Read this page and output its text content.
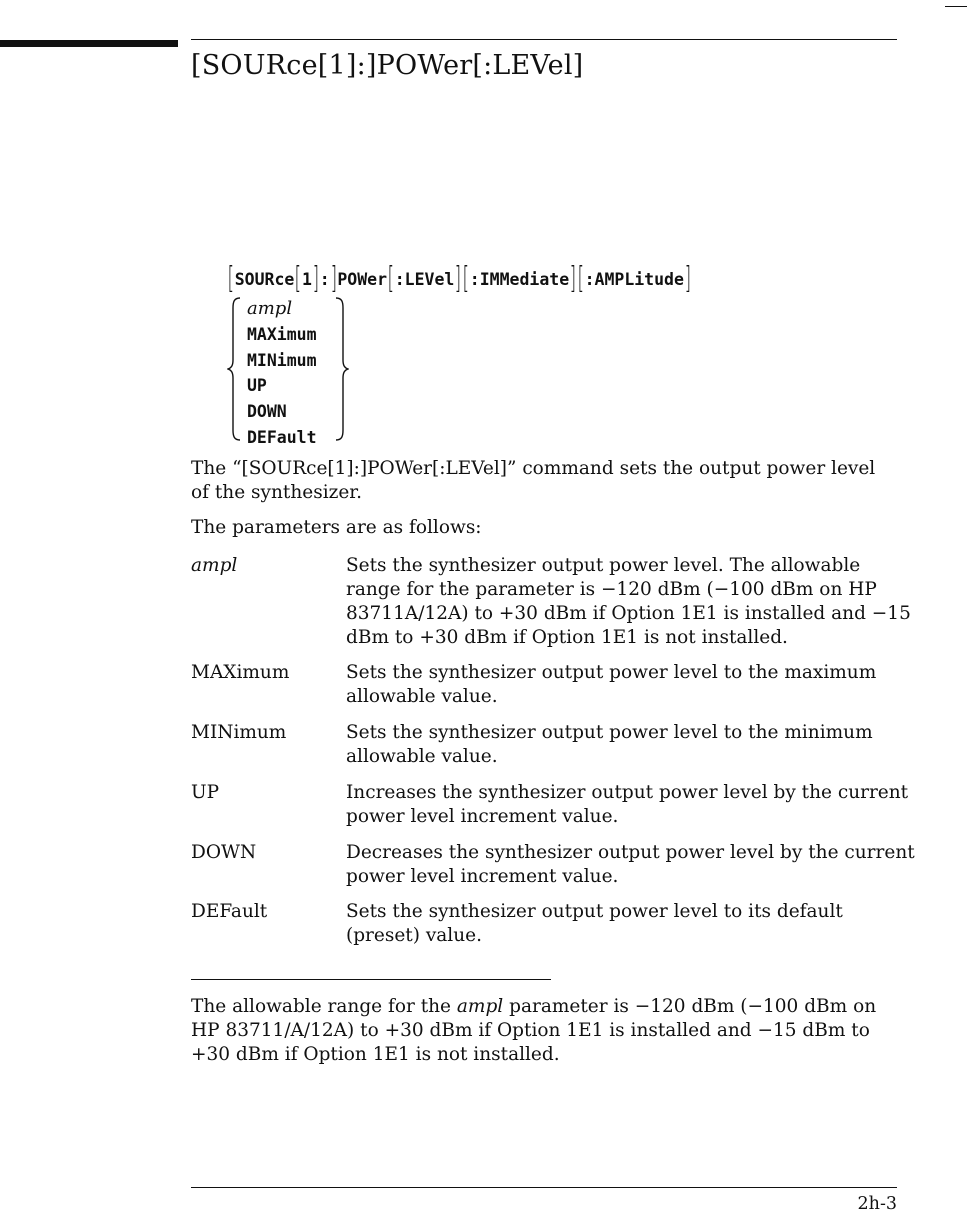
[SOURce[1]:]POWer[:LEVel]
[SOURce[1]:]POWer[:LEVel][:IMMediate][:AMPLitude]
ampl
MAXimum
MINimum
UP
DOWN
DEFault

The “[SOURce[1]:]POWer[:LEVel]” command sets the output power level of the synthesizer.

The parameters are as follows:

ampl	Sets the synthesizer output power level. The allowable range for the parameter is −120 dBm (−100 dBm on HP 83711A/12A) to +30 dBm if Option 1E1 is installed and −15 dBm to +30 dBm if Option 1E1 is not installed.
MAXimum	Sets the synthesizer output power level to the maximum allowable value.
MINimum	Sets the synthesizer output power level to the minimum allowable value.
UP	Increases the synthesizer output power level by the current power level increment value.
DOWN	Decreases the synthesizer output power level by the current power level increment value.
DEFault	Sets the synthesizer output power level to its default (preset) value.

The allowable range for the ampl parameter is −120 dBm (−100 dBm on HP 83711/A/12A) to +30 dBm if Option 1E1 is installed and −15 dBm to +30 dBm if Option 1E1 is not installed.

2h-3
